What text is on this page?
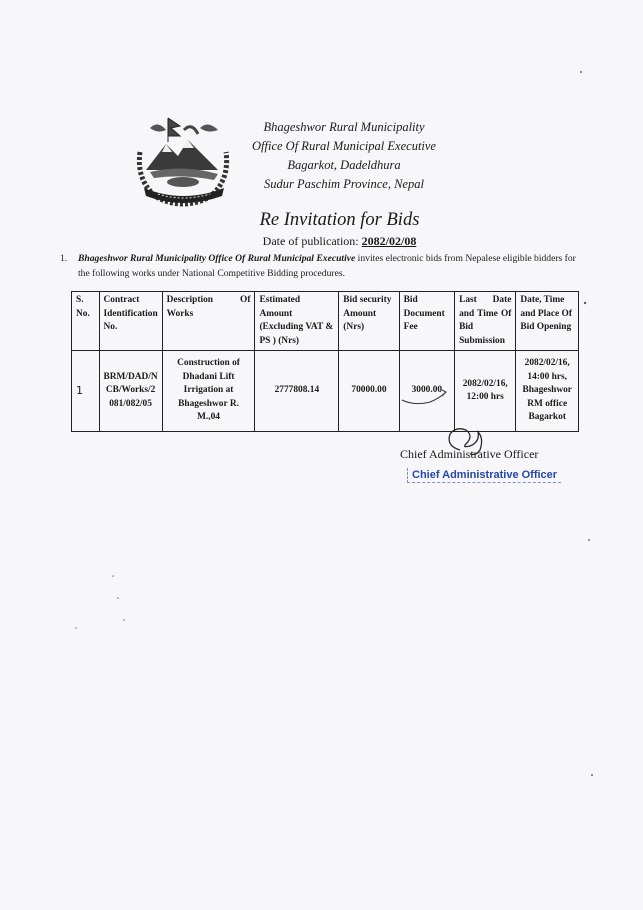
Bhageshwor Rural Municipality
Office Of Rural Municipal Executive
Bagarkot, Dadeldhura
Sudur Paschim Province, Nepal
Re Invitation for Bids
Date of publication: 2082/02/08
1. Bhageshwor Rural Municipality Office Of Rural Municipal Executive invites electronic bids from Nepalese eligible bidders for the following works under National Competitive Bidding procedures.
S. No.	Contract Identification No.	Description Of Works	Estimated Amount (Excluding VAT & PS ) (Nrs)	Bid security Amount (Nrs)	Bid Document Fee	Last Date and Time Of Bid Submission	Date, Time and Place Of Bid Opening
1	BRM/DAD/NCB/Works/2081/082/05	Construction of Dhadani Lift Irrigation at Bhageshwor R. M.,04	2777808.14	70000.00	3000.00	2082/02/16, 12:00 hrs	2082/02/16, 14:00 hrs, Bhageshwor RM office Bagarkot
Chief Administrative Officer
Chief Administrative Officer
